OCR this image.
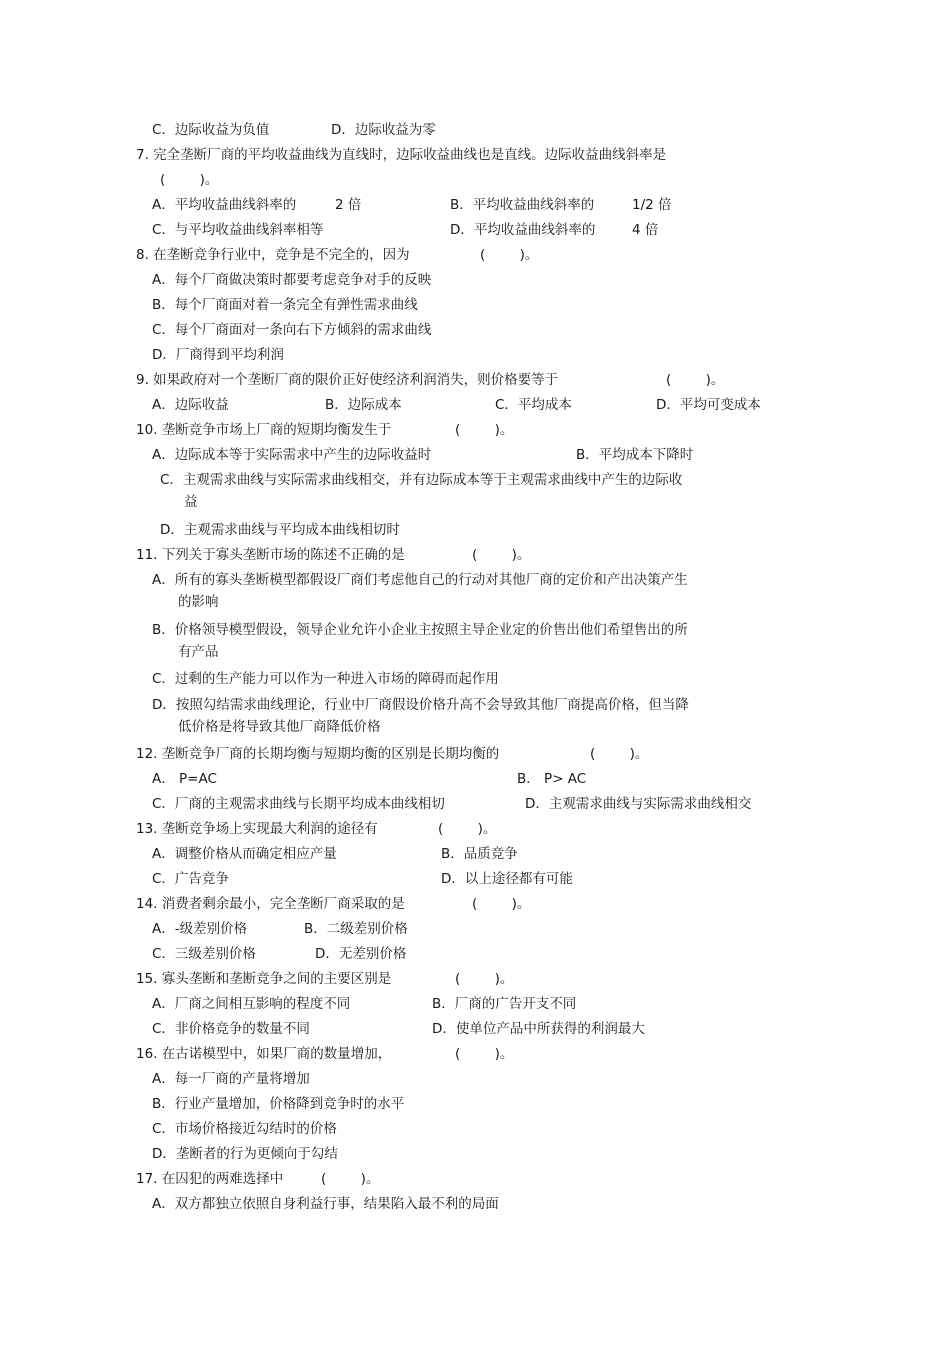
C．边际收益为负值	D．边际收益为零
7. 完全垄断厂商的平均收益曲线为直线时，边际收益曲线也是直线。边际收益曲线斜率是
(        )。
A．平均收益曲线斜率的	2 倍	B．平均收益曲线斜率的	1/2 倍
C．与平均收益曲线斜率相等	D．平均收益曲线斜率的	4 倍
8. 在垄断竞争行业中，竞争是不完全的，因为	(        )。
A．每个厂商做决策时都要考虑竞争对手的反映
B．每个厂商面对着一条完全有弹性需求曲线
C．每个厂商面对一条向右下方倾斜的需求曲线
D．厂商得到平均利润
9. 如果政府对一个垄断厂商的限价正好使经济利润消失，则价格要等于	(        )。
A．边际收益	B．边际成本	C．平均成本	D．平均可变成本
10. 垄断竞争市场上厂商的短期均衡发生于	(        )。
A．边际成本等于实际需求中产生的边际收益时	B．平均成本下降时
C．主观需求曲线与实际需求曲线相交，并有边际成本等于主观需求曲线中产生的边际收
益
D．主观需求曲线与平均成本曲线相切时
11. 下列关于寡头垄断市场的陈述不正确的是	(        )。
A．所有的寡头垄断模型都假设厂商们考虑他自己的行动对其他厂商的定价和产出决策产生
的影响
B．价格领导模型假设，领导企业允许小企业主按照主导企业定的价售出他们希望售出的所
有产品
C．过剩的生产能力可以作为一种进入市场的障碍而起作用
D．按照勾结需求曲线理论，行业中厂商假设价格升高不会导致其他厂商提高价格，但当降
低价格是将导致其他厂商降低价格
12. 垄断竞争厂商的长期均衡与短期均衡的区别是长期均衡的	(        )。
A． P=AC	B． P> AC
C．厂商的主观需求曲线与长期平均成本曲线相切	D．主观需求曲线与实际需求曲线相交
13. 垄断竞争场上实现最大利润的途径有	(        )。
A．调整价格从而确定相应产量	B．品质竞争
C．广告竞争	D．以上途径都有可能
14. 消费者剩余最小，完全垄断厂商采取的是	(        )。
A．-级差别价格	B．二级差别价格
C．三级差别价格	D．无差别价格
15. 寡头垄断和垄断竞争之间的主要区别是	(        )。
A．厂商之间相互影响的程度不同	B．厂商的广告开支不同
C．非价格竞争的数量不同	D．使单位产品中所获得的利润最大
16. 在古诺模型中，如果厂商的数量增加，	(        )。
A．每一厂商的产量将增加
B．行业产量增加，价格降到竞争时的水平
C．市场价格接近勾结时的价格
D．垄断者的行为更倾向于勾结
17. 在囚犯的两难选择中	(        )。
A．双方都独立依照自身利益行事，结果陷入最不利的局面
